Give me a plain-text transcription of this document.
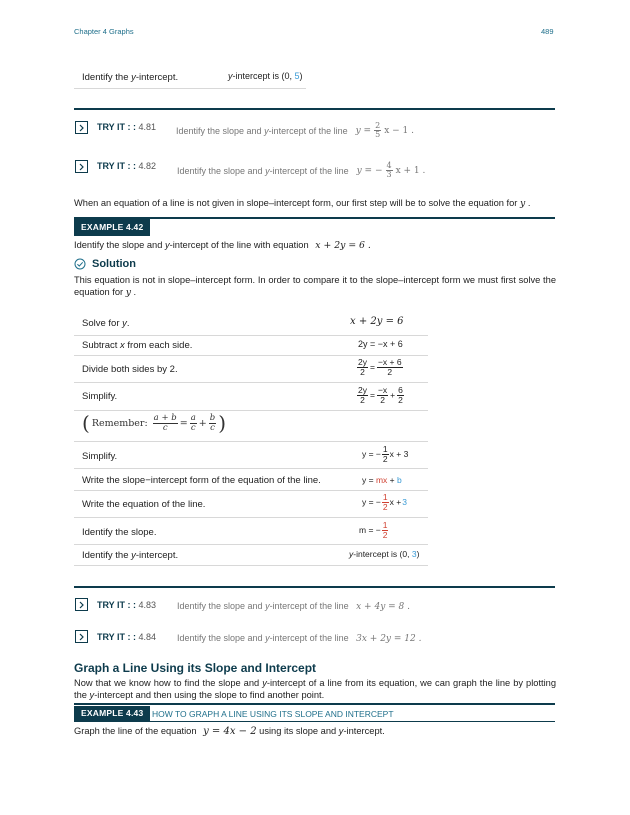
Chapter 4 Graphs	489
Identify the y-intercept.	y-intercept is (0, 5)
TRY IT : : 4.81 Identify the slope and y-intercept of the line $y = \frac{2}{5}$ x − 1 .
TRY IT : : 4.82 Identify the slope and y-intercept of the line y = − $\frac{4}{3}$ x + 1 .
When an equation of a line is not given in slope–intercept form, our first step will be to solve the equation for y .
EXAMPLE 4.42
Identify the slope and y-intercept of the line with equation x + 2y = 6 .
Solution
This equation is not in slope–intercept form. In order to compare it to the slope–intercept form we must first solve the equation for y .
Solve for y.	x + 2y = 6
Subtract x from each side.	2y = −x + 6
Divide both sides by 2.	$\frac{2y}{2} = \frac{-x + 6}{2}$
Simplify.	$\frac{2y}{2} = \frac{-x}{2} + \frac{6}{2}$
( Remember: $\frac{a + b}{c} = \frac{a}{c} + \frac{b}{c}$ )
Simplify.	y = − $\frac{1}{2}$ x + 3
Write the slope−intercept form of the equation of the line.	y = mx + b
Write the equation of the line.	y = − $\frac{1}{2}$ x + 3
Identify the slope.	m = − $\frac{1}{2}$
Identify the y-intercept.	y-intercept is (0, 3)
TRY IT : : 4.83 Identify the slope and y-intercept of the line x + 4y = 8 .
TRY IT : : 4.84 Identify the slope and y-intercept of the line 3x + 2y = 12 .
Graph a Line Using its Slope and Intercept
Now that we know how to find the slope and y-intercept of a line from its equation, we can graph the line by plotting the y-intercept and then using the slope to find another point.
EXAMPLE 4.43	HOW TO GRAPH A LINE USING ITS SLOPE AND INTERCEPT
Graph the line of the equation y = 4x − 2 using its slope and y-intercept.
